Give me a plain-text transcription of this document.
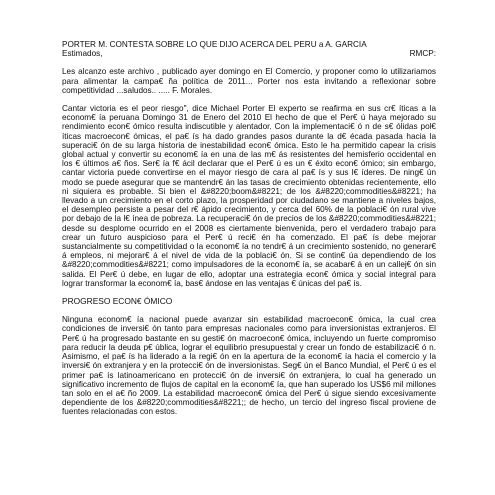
PORTER M. CONTESTA SOBRE LO QUE DIJO ACERCA DEL PERU a A. GARCIA

Estimados,	RMCP:

Les alcanzo este archivo , publicado ayer domingo en El Comercio, y proponer como lo utilizariamos para alimentar la campa€ ña política de 2011... Porter nos esta invitando a reflexionar sobre competitividad ...saludos.. ..... F. Morales.

Cantar victoria es el peor riesgo", dice Michael Porter El experto se reafirma en sus cr€ íticas a la econom€ ía peruana Domingo 31 de Enero del 2010 El hecho de que el Per€ ú haya mejorado su rendimiento econ€ ómico resulta indiscutible y alentador. Con la implementaci€ ó n de s€ ólidas pol€ íticas macroecon€ ómicas, el pa€ ís ha dado grandes pasos durante la d€ écada pasada hacia la superaci€ ón de su larga historia de inestabilidad econ€ ómica. Esto le ha permitido capear la crisis global actual y convertir su econom€ ía en una de las m€ ás resistentes del hemisferio occidental en los € últimos a€ ños. Ser€ ía f€ ácil declarar que el Per€ ú es un € éxito econ€ ómico; sin embargo, cantar victoria puede convertirse en el mayor riesgo de cara al pa€ ís y sus l€ íderes. De ning€ ún modo se puede asegurar que se mantendr€ án las tasas de crecimiento obtenidas recientemente, ello ni siquiera es probable. Si bien el &#8220;boom&#8221; de los &#8220;commodities&#8221; ha llevado a un crecimiento en el corto plazo, la prosperidad por ciudadano se mantiene a niveles bajos, el desempleo persiste a pesar del r€ ápido crecimiento, y cerca del 60% de la poblaci€ ón rural vive por debajo de la l€ ínea de pobreza. La recuperaci€ ón de precios de los &#8220;commodities&#8221; desde su desplome ocurrido en el 2008 es ciertamente bienvenida, pero el verdadero trabajo para crear un futuro auspicioso para el Per€ ú reci€ én ha comenzado. El pa€ ís debe mejorar sustancialmente su competitividad o la econom€ ía no tendr€ á un crecimiento sostenido, no generar€ á empleos, ni mejorar€ á el nivel de vida de la poblaci€ ón. Si se contin€ úa dependiendo de los &#8220;commodities&#8221; como impulsadores de la econom€ ía, se acabar€ á en un callej€ ón sin salida. El Per€ ú debe, en lugar de ello, adoptar una estrategia econ€ ómica y social integral para lograr transformar la econom€ ía, bas€ ándose en las ventajas € únicas del pa€ ís.

PROGRESO ECON€ ÓMICO

Ninguna econom€ ía nacional puede avanzar sin estabilidad macroecon€ ómica, la cual crea condiciones de inversi€ ón tanto para empresas nacionales como para inversionistas extranjeros. El Per€ ú ha progresado bastante en su gesti€ ón macroecon€ ómica, incluyendo un fuerte compromiso para reducir la deuda p€ ública, lograr el equilibrio presupuestal y crear un fondo de estabilizaci€ ó n. Asimismo, el pa€ ís ha liderado a la regi€ ón en la apertura de la econom€ ía hacia el comercio y la inversi€ ón extranjera y en la protecci€ ón de inversionistas. Seg€ ún el Banco Mundial, el Per€ ú es el primer pa€ ís latinoamericano en protecci€ ón de inversi€ ón extranjera, lo cual ha generado un significativo incremento de flujos de capital en la econom€ ía, que han superado los US$6 mil millones tan solo en el a€ ño 2009. La estabilidad macroecon€ ómica del Per€ ú sigue siendo excesivamente dependiente de los &#8220;commodities&#8221;; de hecho, un tercio del ingreso fiscal proviene de fuentes relacionadas con estos.
